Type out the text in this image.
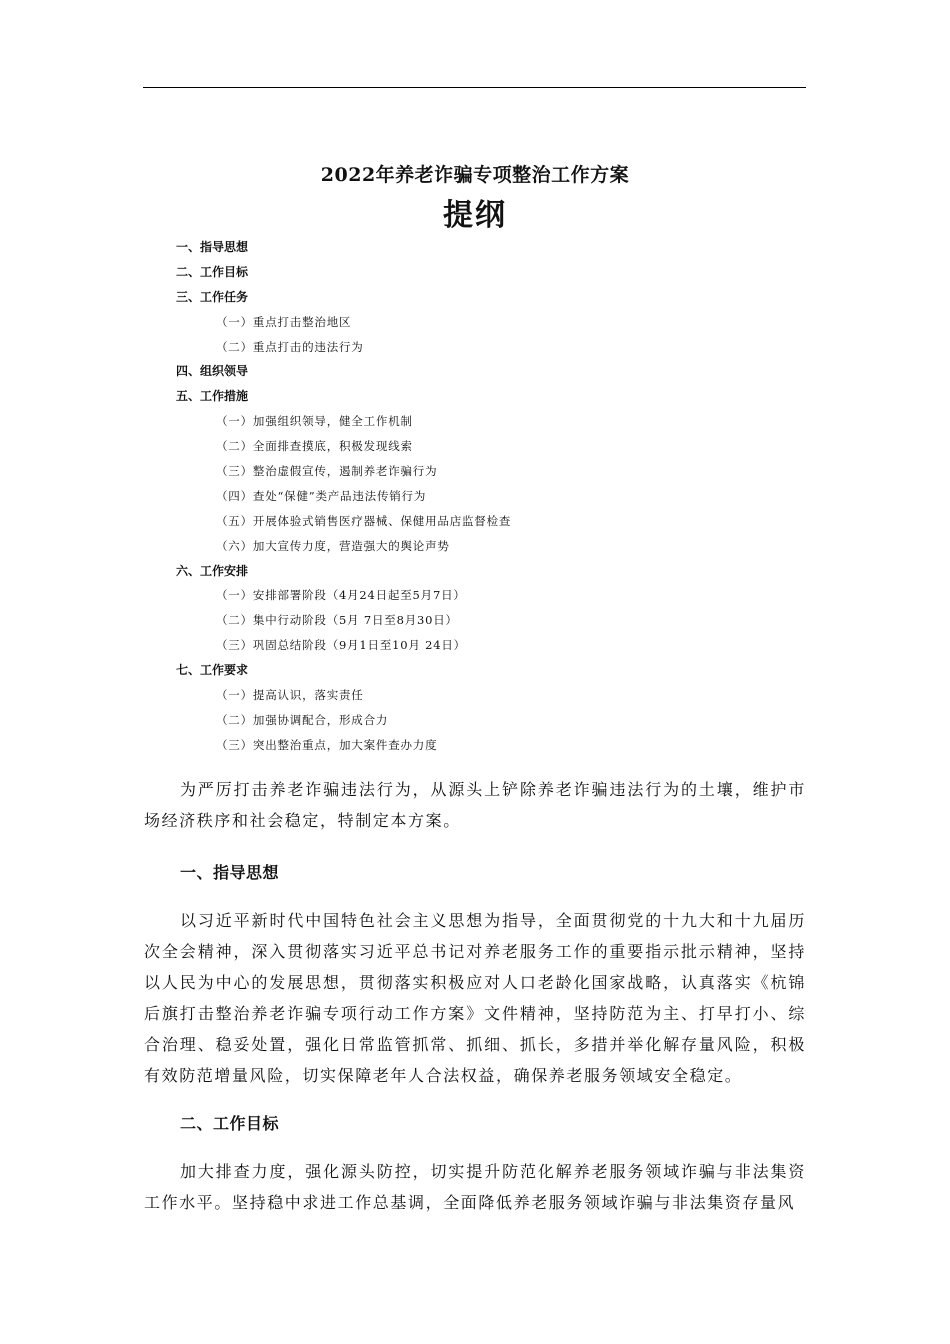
2022年养老诈骗专项整治工作方案
提纲
一、指导思想
二、工作目标
三、工作任务
（一）重点打击整治地区
（二）重点打击的违法行为
四、组织领导
五、工作措施
（一）加强组织领导，健全工作机制
（二）全面排查摸底，积极发现线索
（三）整治虚假宣传，遏制养老诈骗行为
（四）查处“保健”类产品违法传销行为
（五）开展体验式销售医疗器械、保健用品店监督检查
（六）加大宣传力度，营造强大的舆论声势
六、工作安排
（一）安排部署阶段（4月24日起至5月7日）
（二）集中行动阶段（5月 7日至8月30日）
（三）巩固总结阶段（9月1日至10月 24日）
七、工作要求
（一）提高认识，落实责任
（二）加强协调配合，形成合力
（三）突出整治重点，加大案件查办力度

为严厉打击养老诈骗违法行为，从源头上铲除养老诈骗违法行为的土壤，维护市场经济秩序和社会稳定，特制定本方案。

一、指导思想

以习近平新时代中国特色社会主义思想为指导，全面贯彻党的十九大和十九届历次全会精神，深入贯彻落实习近平总书记对养老服务工作的重要指示批示精神，坚持以人民为中心的发展思想，贯彻落实积极应对人口老龄化国家战略，认真落实《杭锦后旗打击整治养老诈骗专项行动工作方案》文件精神，坚持防范为主、打早打小、综合治理、稳妥处置，强化日常监管抓常、抓细、抓长，多措并举化解存量风险，积极有效防范增量风险，切实保障老年人合法权益，确保养老服务领域安全稳定。

二、工作目标

加大排查力度，强化源头防控，切实提升防范化解养老服务领域诈骗与非法集资工作水平。坚持稳中求进工作总基调，全面降低养老服务领域诈骗与非法集资存量风
